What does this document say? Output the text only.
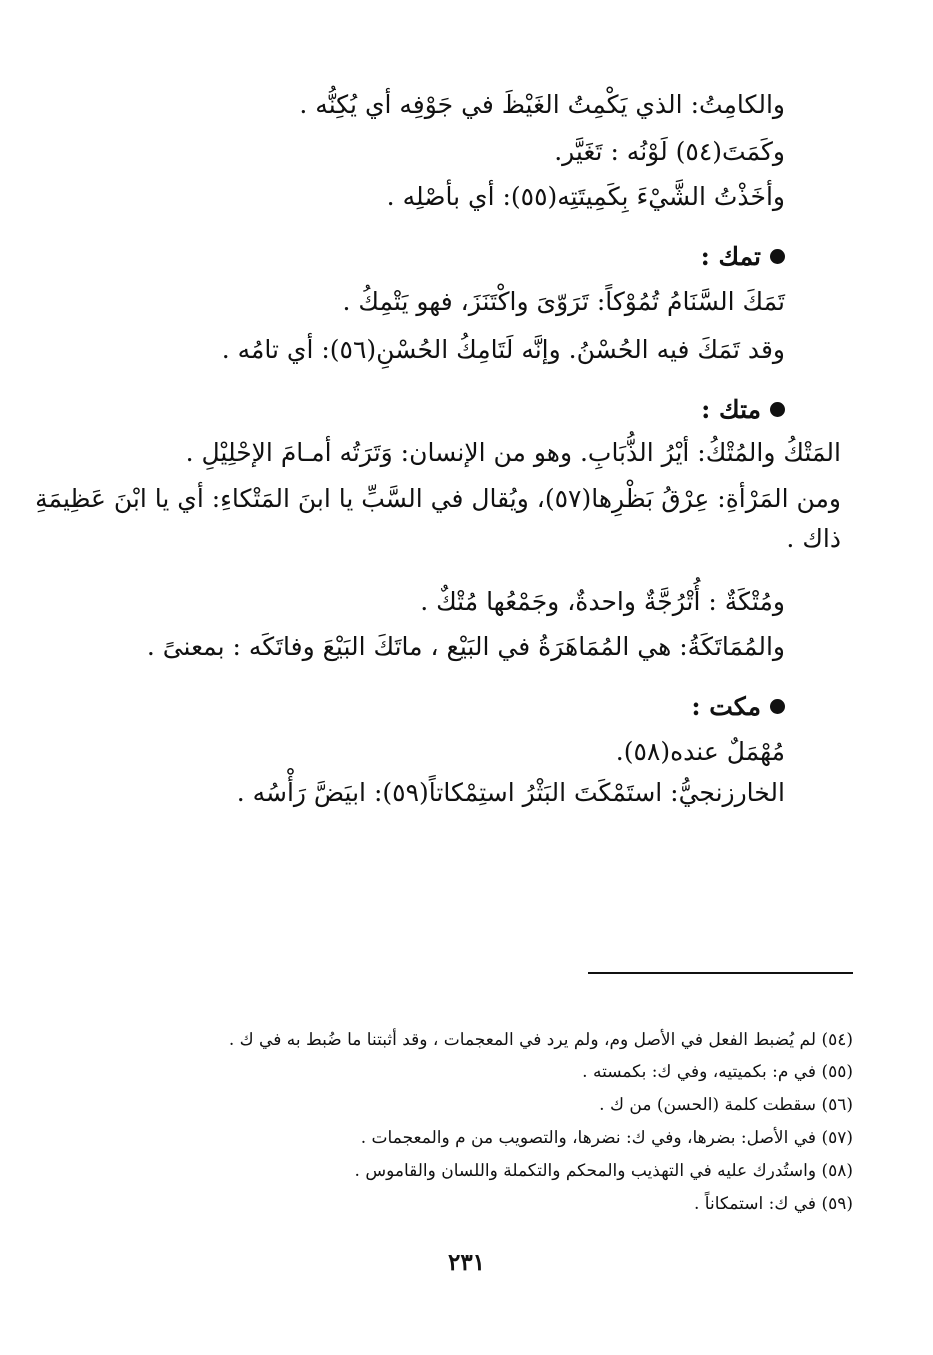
والكامِتُ: الذي يَكْمِتُ الغَيْظَ في جَوْفِه أي يُكِنُّه .
وكَمَتَ(٥٤) لَوْنُه : تَغَيَّر.
وأخَذْتُ الشَّيْءَ بِكَمِيتَتِه(٥٥): أي بأصْلِه .
تمك :
تَمَكَ السَّنَامُ تُمُوْكاً: تَرَوّىَ واكْتَنَزَ، فهو يَتْمِكُ .
وقد تَمَكَ فيه الحُسْنُ. وإنَّه لَتَامِكُ الحُسْنِ(٥٦): أي تامُه .
متك :
المَتْكُ والمُتْكُ: أيْرُ الذُّبَابِ. وهو من الإنسان: وَتَرَتُه أمـامَ الإحْلِيْلِ .
ومن المَرْأةِ: عِرْقُ بَظْرِها(٥٧)، ويُقال في السَّبِّ يا ابنَ المَتْكاءِ: أي يا ابْنَ عَظِيمَةِ
ذاك .
ومُتْكَةٌ : أُتْرُجَّةٌ واحدةٌ، وجَمْعُها مُتْكٌ .
والمُمَاتَكَةُ: هي المُمَاهَرَةُ في البَيْع ، ماتَكَ البَيْعَ وفاتَكَه : بمعنىً .
مكت :
مُهْمَلٌ عنده(٥٨).
الخارزنجيُّ: استَمْكَتَ البَثْرُ استِمْكاتاً(٥٩): ابيَضَّ رَأْسُه .
(٥٤) لم يُضبط الفعل في الأصل وم، ولم يرد في المعجمات ، وقد أثبتنا ما ضُبط به في ك .
(٥٥) في م: بكميتيه، وفي ك: بكمسته .
(٥٦) سقطت كلمة (الحسن) من ك .
(٥٧) في الأصل: بضرها، وفي ك: نضرها، والتصويب من م والمعجمات .
(٥٨) واستُدرك عليه في التهذيب والمحكم والتكملة واللسان والقاموس .
(٥٩) في ك: استمكاناً .
٢٣١
